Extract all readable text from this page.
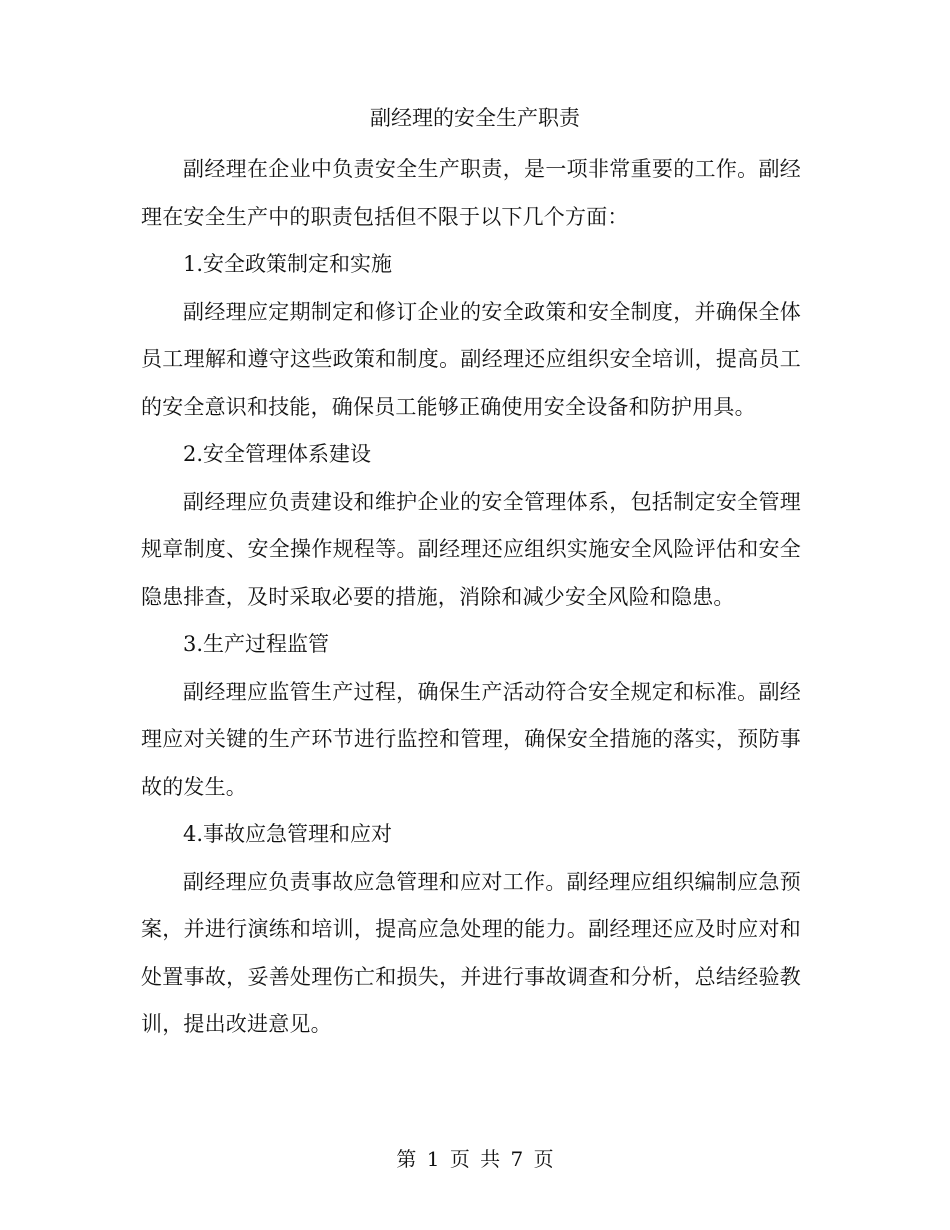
副经理的安全生产职责

副经理在企业中负责安全生产职责，是一项非常重要的工作。副经理在安全生产中的职责包括但不限于以下几个方面：

1.安全政策制定和实施

副经理应定期制定和修订企业的安全政策和安全制度，并确保全体员工理解和遵守这些政策和制度。副经理还应组织安全培训，提高员工的安全意识和技能，确保员工能够正确使用安全设备和防护用具。

2.安全管理体系建设

副经理应负责建设和维护企业的安全管理体系，包括制定安全管理规章制度、安全操作规程等。副经理还应组织实施安全风险评估和安全隐患排查，及时采取必要的措施，消除和减少安全风险和隐患。

3.生产过程监管

副经理应监管生产过程，确保生产活动符合安全规定和标准。副经理应对关键的生产环节进行监控和管理，确保安全措施的落实，预防事故的发生。

4.事故应急管理和应对

副经理应负责事故应急管理和应对工作。副经理应组织编制应急预案，并进行演练和培训，提高应急处理的能力。副经理还应及时应对和处置事故，妥善处理伤亡和损失，并进行事故调查和分析，总结经验教训，提出改进意见。

第 1 页 共 7 页
